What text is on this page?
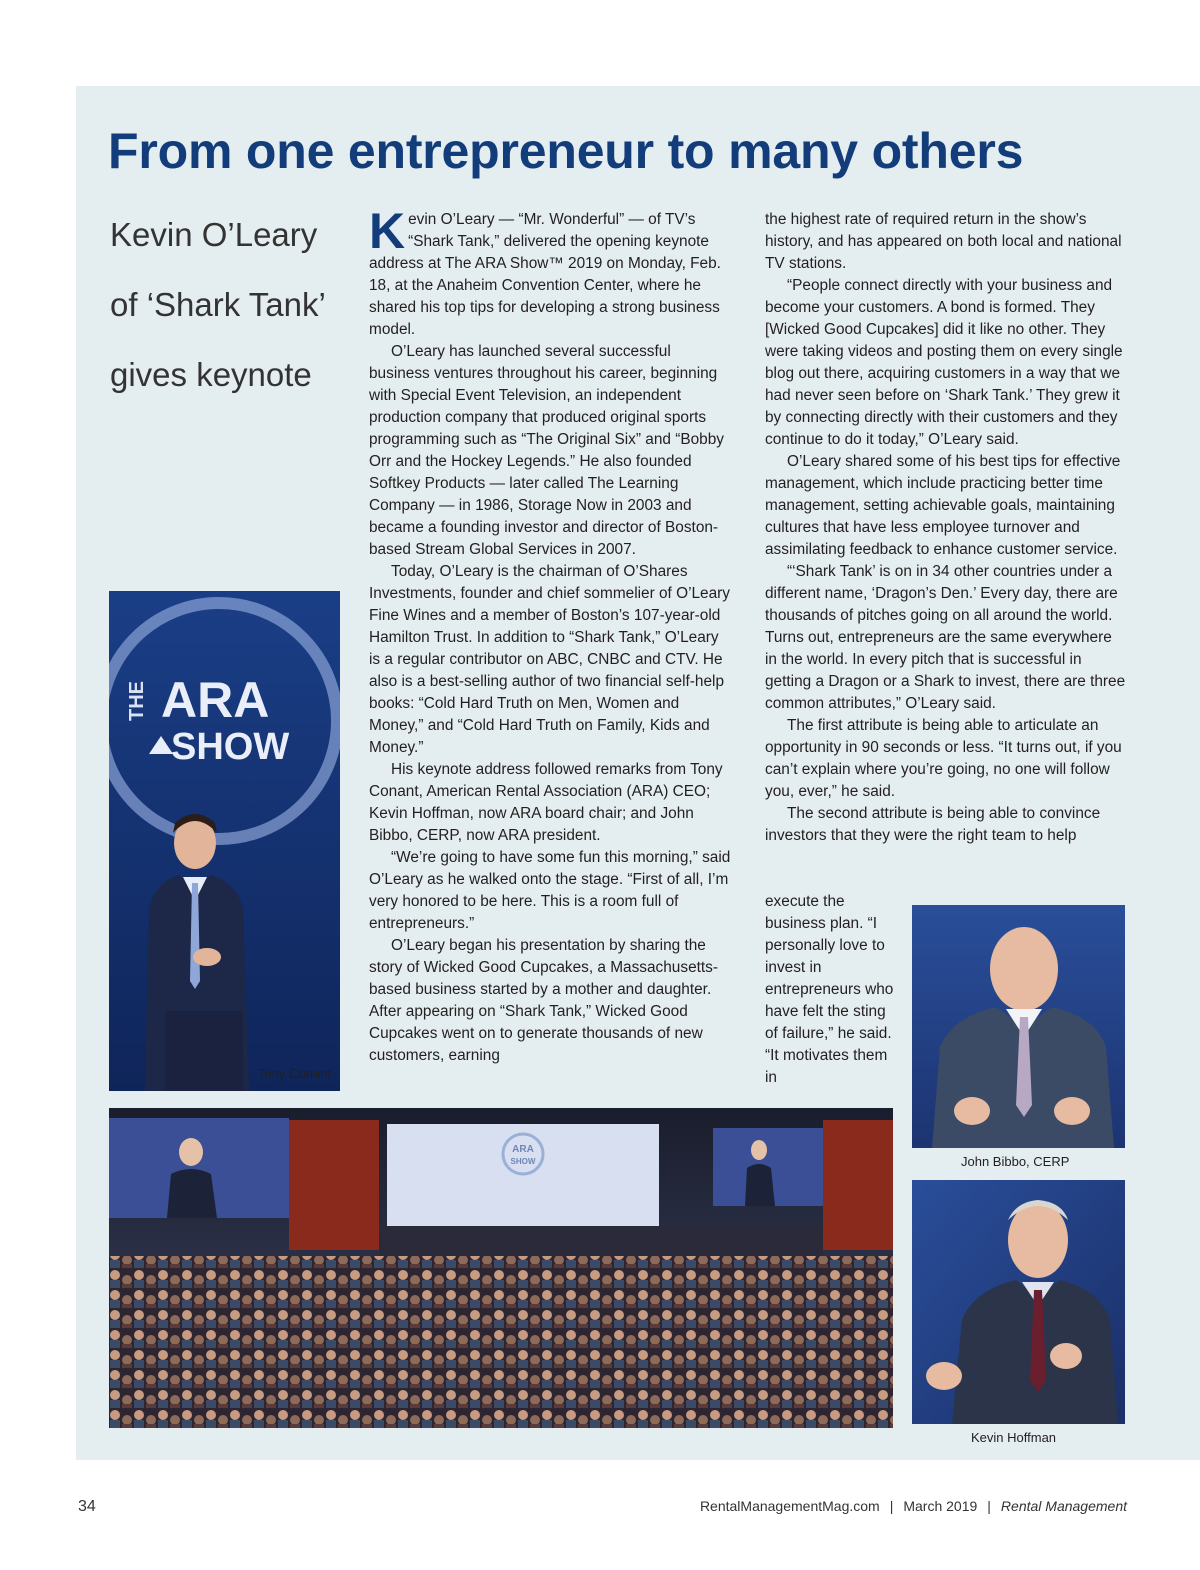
From one entrepreneur to many others
Kevin O’Leary of ‘Shark Tank’ gives keynote
THE ARA
SHOW
Tony Conant

Kevin O’Leary — “Mr. Wonderful” — of TV’s “Shark Tank,” delivered the opening keynote address at The ARA Show™ 2019 on Monday, Feb. 18, at the Anaheim Convention Center, where he shared his top tips for developing a strong business model.

O’Leary has launched several successful business ventures throughout his career, beginning with Special Event Television, an independent production company that produced original sports programming such as “The Original Six” and “Bobby Orr and the Hockey Legends.” He also founded Softkey Products — later called The Learning Company — in 1986, Storage Now in 2003 and became a founding investor and director of Boston-based Stream Global Services in 2007.

Today, O’Leary is the chairman of O’Shares Investments, founder and chief sommelier of O’Leary Fine Wines and a member of Boston’s 107-year-old Hamilton Trust. In addition to “Shark Tank,” O’Leary is a regular contributor on ABC, CNBC and CTV. He also is a best-selling author of two financial self-help books: “Cold Hard Truth on Men, Women and Money,” and “Cold Hard Truth on Family, Kids and Money.”

His keynote address followed remarks from Tony Conant, American Rental Association (ARA) CEO; Kevin Hoffman, now ARA board chair; and John Bibbo, CERP, now ARA president.

“We’re going to have some fun this morning,” said O’Leary as he walked onto the stage. “First of all, I’m very honored to be here. This is a room full of entrepreneurs.”

O’Leary began his presentation by sharing the story of Wicked Good Cupcakes, a Massachusetts-based business started by a mother and daughter. After appearing on “Shark Tank,” Wicked Good Cupcakes went on to generate thousands of new customers, earning

the highest rate of required return in the show’s history, and has appeared on both local and national TV stations.

“People connect directly with your business and become your customers. A bond is formed. They [Wicked Good Cupcakes] did it like no other. They were taking videos and posting them on every single blog out there, acquiring customers in a way that we had never seen before on ‘Shark Tank.’ They grew it by connecting directly with their customers and they continue to do it today,” O’Leary said.

O’Leary shared some of his best tips for effective management, which include practicing better time management, setting achievable goals, maintaining cultures that have less employee turnover and assimilating feedback to enhance customer service.

“‘Shark Tank’ is on in 34 other countries under a different name, ‘Dragon’s Den.’ Every day, there are thousands of pitches going on all around the world. Turns out, entrepreneurs are the same everywhere in the world. In every pitch that is successful in getting a Dragon or a Shark to invest, there are three common attributes,” O’Leary said.

The first attribute is being able to articulate an opportunity in 90 seconds or less. “It turns out, if you can’t explain where you’re going, no one will follow you, ever,” he said.

The second attribute is being able to convince investors that they were the right team to help

execute the business plan. “I personally love to invest in entrepreneurs who have felt the sting of failure,” he said. “It motivates them in

ARA
SHOW	John Bibbo, CERP
Kevin Hoffman
34	RentalManagementMag.com | March 2019 | Rental Management
